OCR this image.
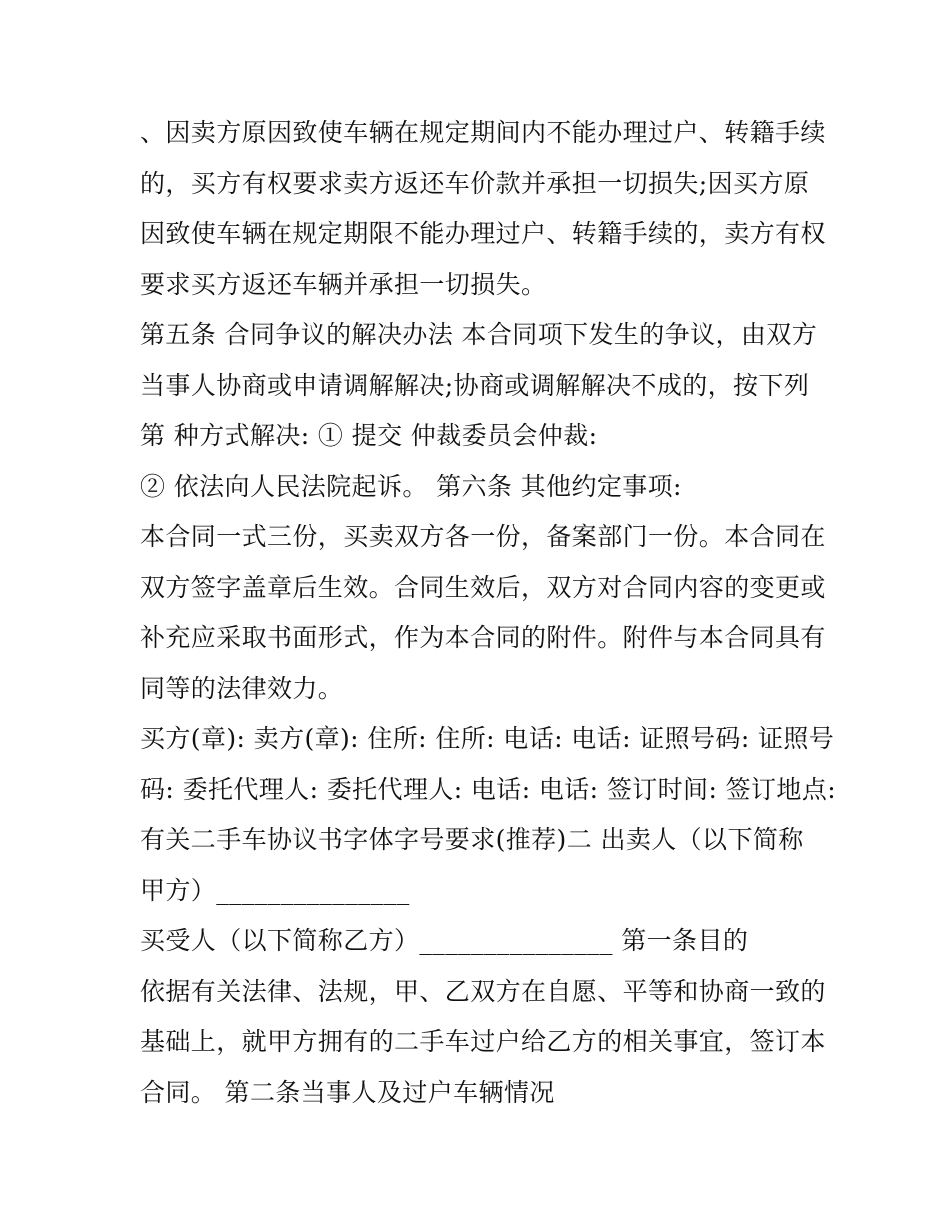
、因卖方原因致使车辆在规定期间内不能办理过户、转籍手续
的，买方有权要求卖方返还车价款并承担一切损失;因买方原
因致使车辆在规定期限不能办理过户、转籍手续的，卖方有权
要求买方返还车辆并承担一切损失。
第五条 合同争议的解决办法 本合同项下发生的争议，由双方
当事人协商或申请调解解决;协商或调解解决不成的，按下列
第 种方式解决: ① 提交 仲裁委员会仲裁:
② 依法向人民法院起诉。 第六条 其他约定事项:
本合同一式三份，买卖双方各一份，备案部门一份。本合同在
双方签字盖章后生效。合同生效后，双方对合同内容的变更或
补充应采取书面形式，作为本合同的附件。附件与本合同具有
同等的法律效力。
买方(章): 卖方(章): 住所: 住所: 电话: 电话: 证照号码: 证照号
码: 委托代理人: 委托代理人: 电话: 电话: 签订时间: 签订地点:
有关二手车协议书字体字号要求(推荐)二 出卖人（以下简称
甲方）_______________
买受人（以下简称乙方）_______________ 第一条目的
依据有关法律、法规，甲、乙双方在自愿、平等和协商一致的
基础上，就甲方拥有的二手车过户给乙方的相关事宜，签订本
合同。 第二条当事人及过户车辆情况
